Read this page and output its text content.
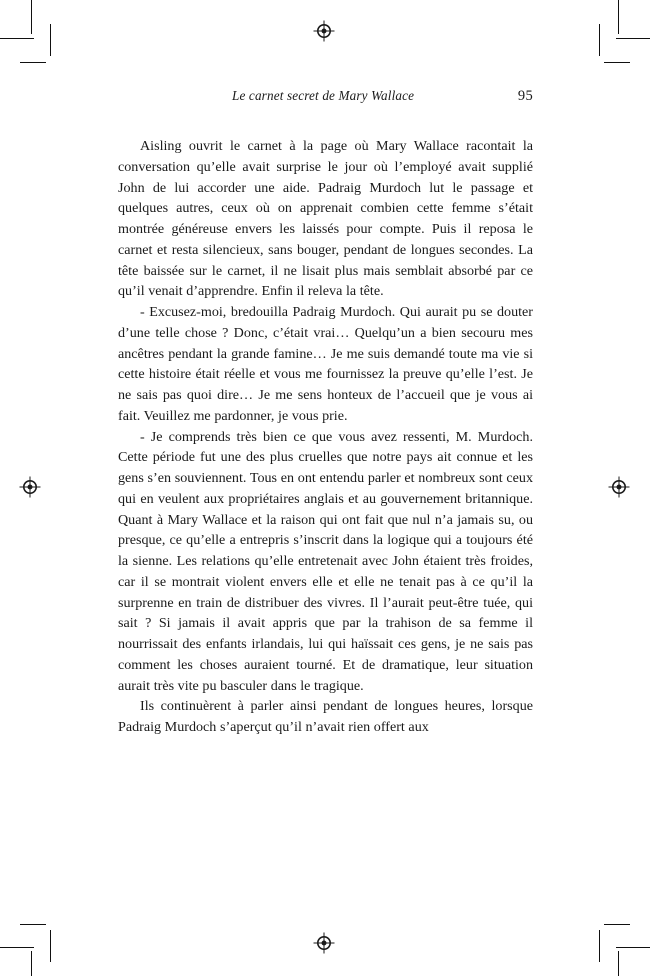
Le carnet secret de Mary Wallace	95

Aisling ouvrit le carnet à la page où Mary Wallace racontait la conversation qu’elle avait surprise le jour où l’employé avait supplié John de lui accorder une aide. Padraig Murdoch lut le passage et quelques autres, ceux où on apprenait combien cette femme s’était montrée généreuse envers les laissés pour compte. Puis il reposa le carnet et resta silencieux, sans bouger, pendant de longues secondes. La tête baissée sur le carnet, il ne lisait plus mais semblait absorbé par ce qu’il venait d’apprendre. Enfin il releva la tête.

- Excusez-moi, bredouilla Padraig Murdoch. Qui aurait pu se douter d’une telle chose ? Donc, c’était vrai… Quelqu’un a bien secouru mes ancêtres pendant la grande famine… Je me suis demandé toute ma vie si cette histoire était réelle et vous me fournissez la preuve qu’elle l’est. Je ne sais pas quoi dire… Je me sens honteux de l’accueil que je vous ai fait. Veuillez me pardonner, je vous prie.

- Je comprends très bien ce que vous avez ressenti, M. Murdoch. Cette période fut une des plus cruelles que notre pays ait connue et les gens s’en souviennent. Tous en ont entendu parler et nombreux sont ceux qui en veulent aux propriétaires anglais et au gouvernement britannique. Quant à Mary Wallace et la raison qui ont fait que nul n’a jamais su, ou presque, ce qu’elle a entrepris s’inscrit dans la logique qui a toujours été la sienne. Les relations qu’elle entretenait avec John étaient très froides, car il se montrait violent envers elle et elle ne tenait pas à ce qu’il la surprenne en train de distribuer des vivres. Il l’aurait peut-être tuée, qui sait ? Si jamais il avait appris que par la trahison de sa femme il nourrissait des enfants irlandais, lui qui haïssait ces gens, je ne sais pas comment les choses auraient tourné. Et de dramatique, leur situation aurait très vite pu basculer dans le tragique.

Ils continuèrent à parler ainsi pendant de longues heures, lorsque Padraig Murdoch s’aperçut qu’il n’avait rien offert aux
